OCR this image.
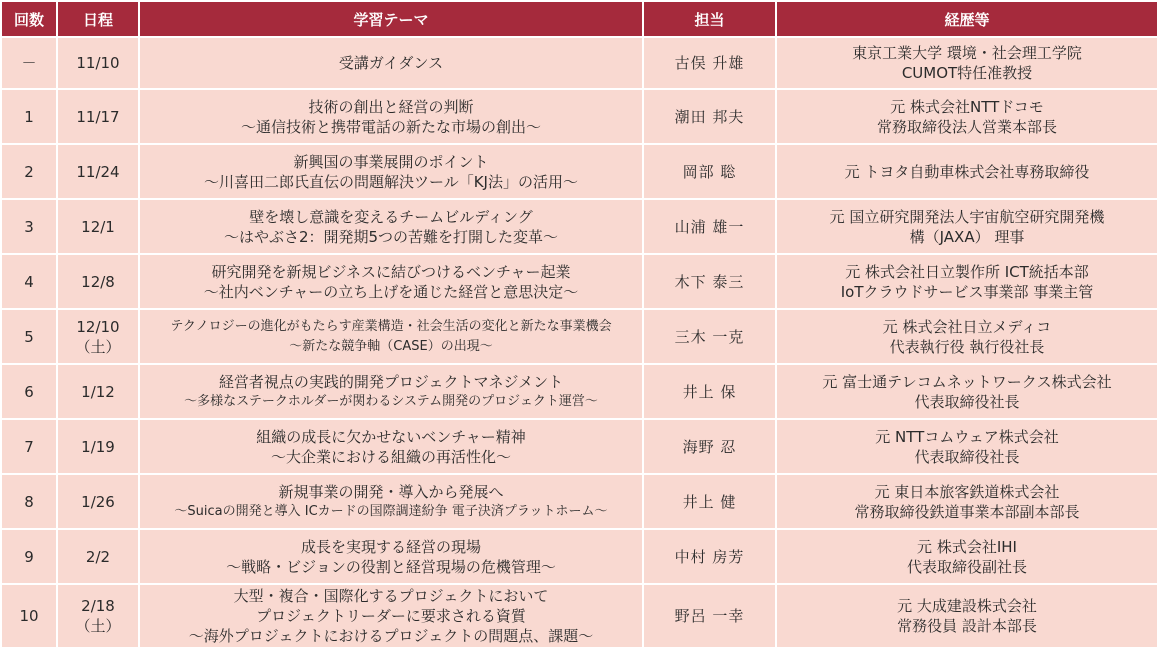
回数	日程	学習テーマ	担当	経歴等
－	11/10	受講ガイダンス	古俣 升雄	東京工業大学 環境・社会理工学院
CUMOT特任准教授

1	11/17	技術の創出と経営の判断
～通信技術と携帯電話の新たな市場の創出～	潮田 邦夫	元 株式会社NTTドコモ
常務取締役法人営業本部長

2	11/24	新興国の事業展開のポイント
～川喜田二郎氏直伝の問題解決ツール「KJ法」の活用～	岡部 聡	元 トヨタ自動車株式会社専務取締役

3	12/1	壁を壊し意識を変えるチームビルディング
～はやぶさ2：開発期5つの苦難を打開した変革～	山浦 雄一	元 国立研究開発法人宇宙航空研究開発機
構（JAXA） 理事

4	12/8	研究開発を新規ビジネスに結びつけるベンチャー起業
～社内ベンチャーの立ち上げを通じた経営と意思決定～	木下 泰三	元 株式会社日立製作所 ICT統括本部
IoTクラウドサービス事業部 事業主管

5	12/10
（土）	テクノロジーの進化がもたらす産業構造・社会生活の変化と新たな事業機会
～新たな競争軸（CASE）の出現～	三木 一克	元 株式会社日立メディコ
代表執行役 執行役社長

6	1/12	経営者視点の実践的開発プロジェクトマネジメント
～多様なステークホルダーが関わるシステム開発のプロジェクト運営～	井上 保	元 富士通テレコムネットワークス株式会社
代表取締役社長

7	1/19	組織の成長に欠かせないベンチャー精神
～大企業における組織の再活性化～	海野 忍	元 NTTコムウェア株式会社
代表取締役社長

8	1/26	新規事業の開発・導入から発展へ
～Suicaの開発と導入 ICカードの国際調達紛争 電子決済プラットホーム～	井上 健	元 東日本旅客鉄道株式会社
常務取締役鉄道事業本部副本部長

9	2/2	成長を実現する経営の現場
～戦略・ビジョンの役割と経営現場の危機管理～	中村 房芳	元 株式会社IHI
代表取締役副社長

10	2/18
（土）	大型・複合・国際化するプロジェクトにおいて
プロジェクトリーダーに要求される資質
～海外プロジェクトにおけるプロジェクトの問題点、課題～	野呂 一幸	元 大成建設株式会社
常務役員 設計本部長
